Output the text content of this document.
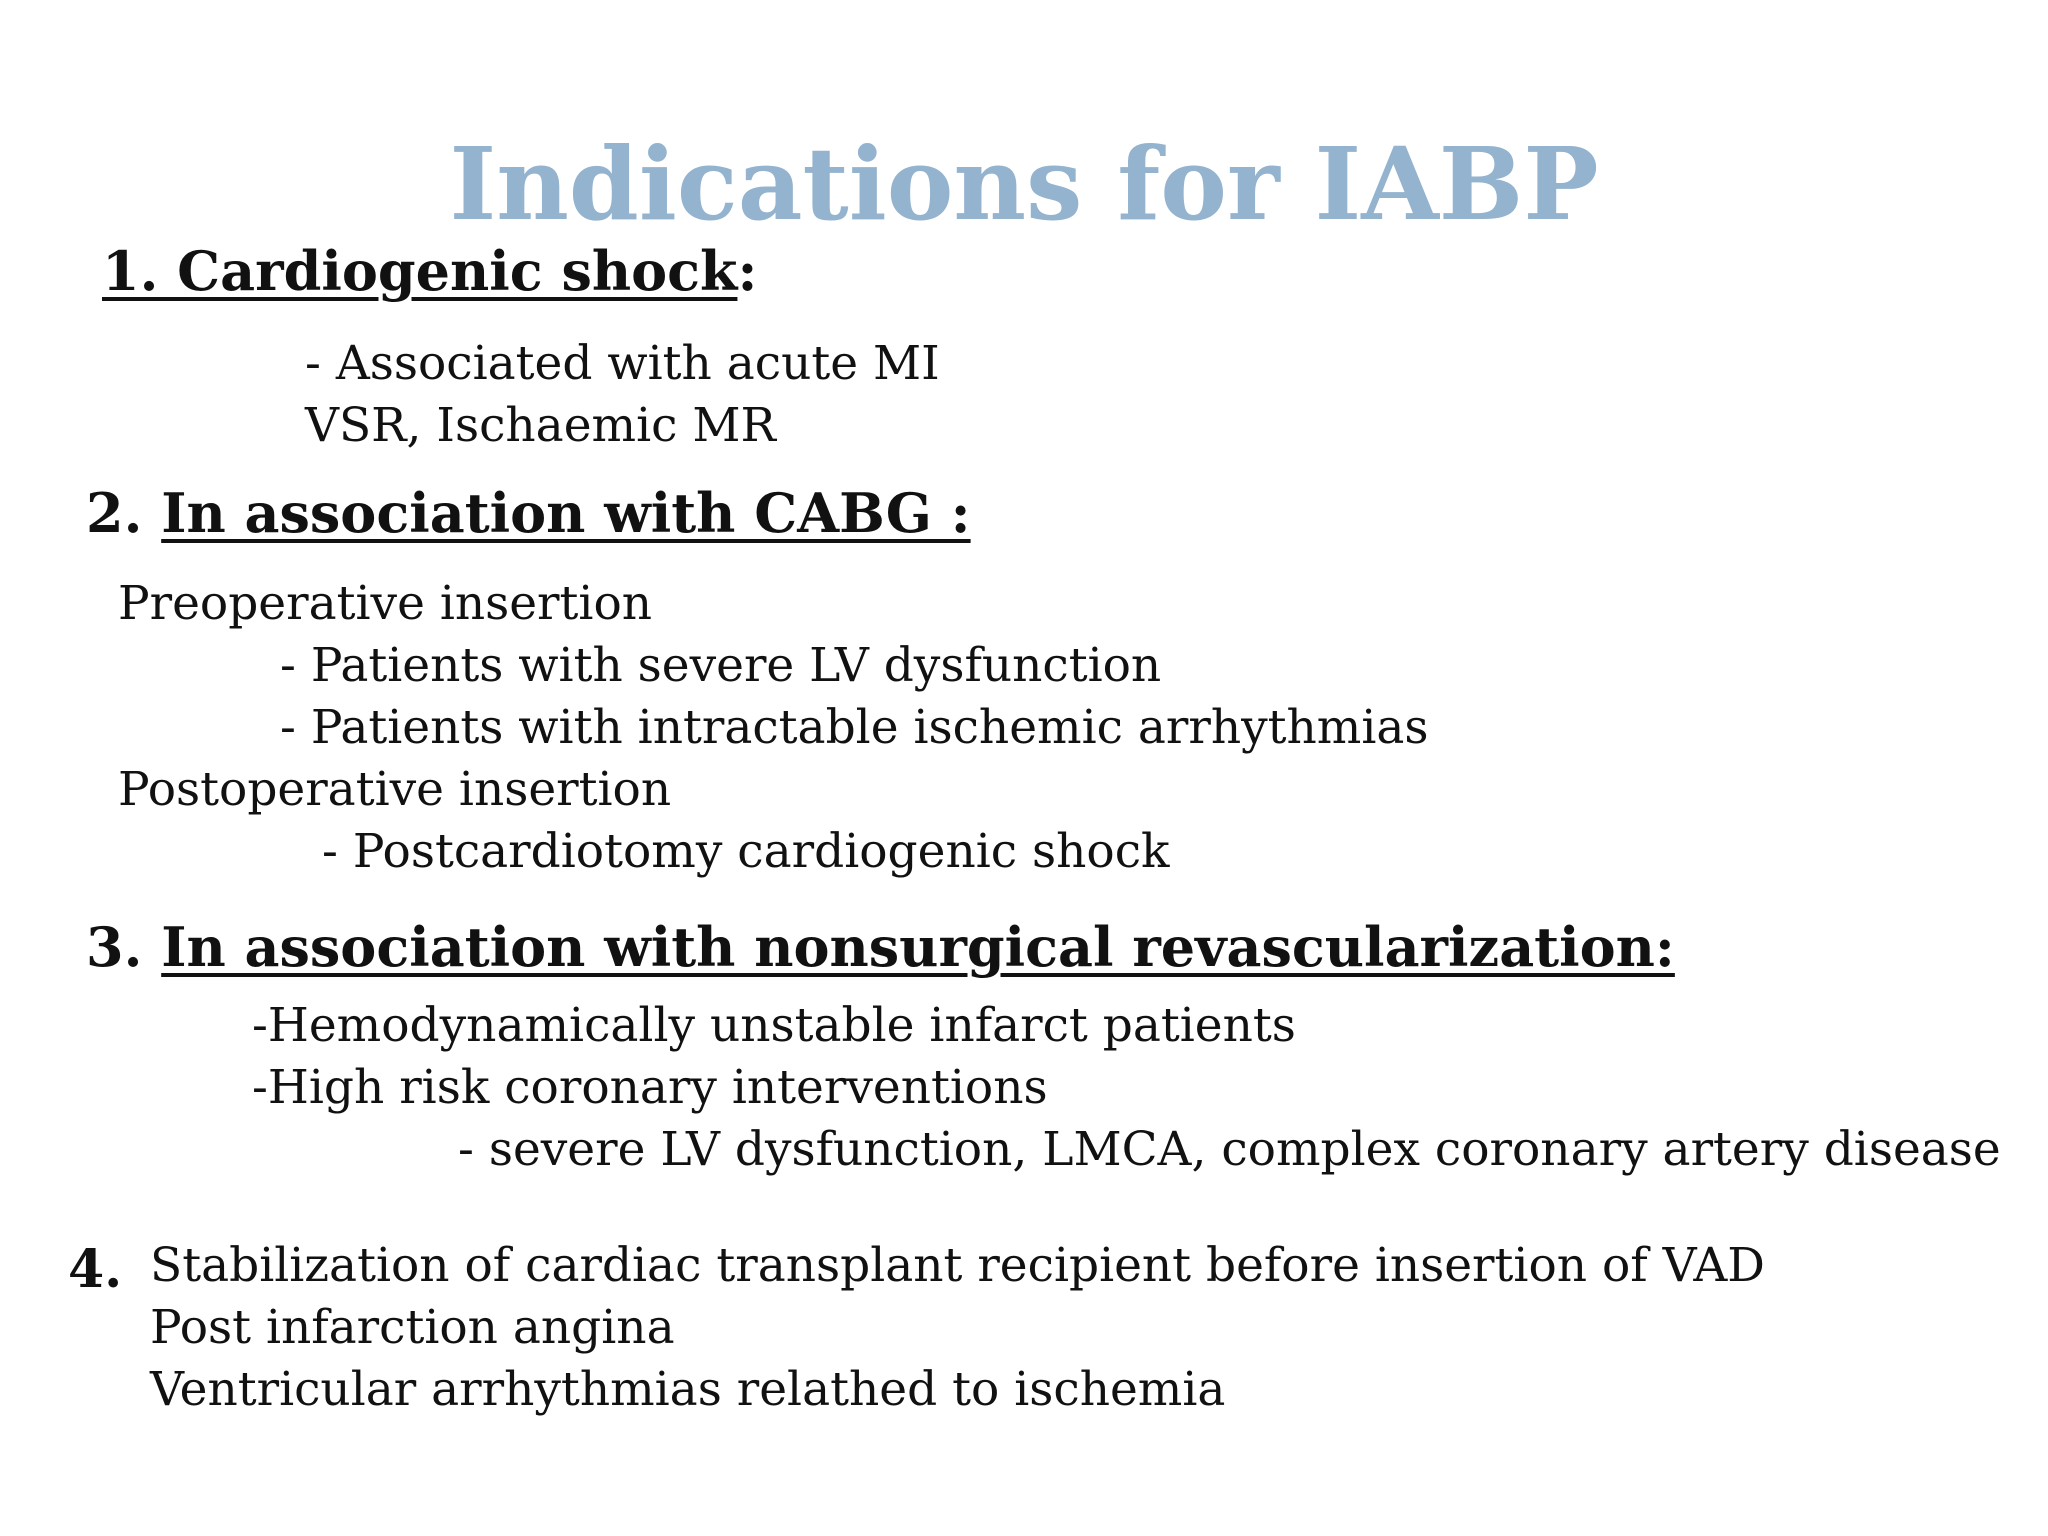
Indications for IABP
1. Cardiogenic shock:
- Associated with acute MI
VSR, Ischaemic MR
2. In association with CABG :
Preoperative insertion
- Patients with severe LV dysfunction
- Patients with intractable ischemic arrhythmias
Postoperative insertion
- Postcardiotomy cardiogenic shock
3. In association with nonsurgical revascularization:
-Hemodynamically unstable infarct patients
-High risk coronary interventions
- severe LV dysfunction, LMCA, complex coronary artery disease
4. Stabilization of cardiac transplant recipient before insertion of VAD
Post infarction angina
Ventricular arrhythmias relathed to ischemia
